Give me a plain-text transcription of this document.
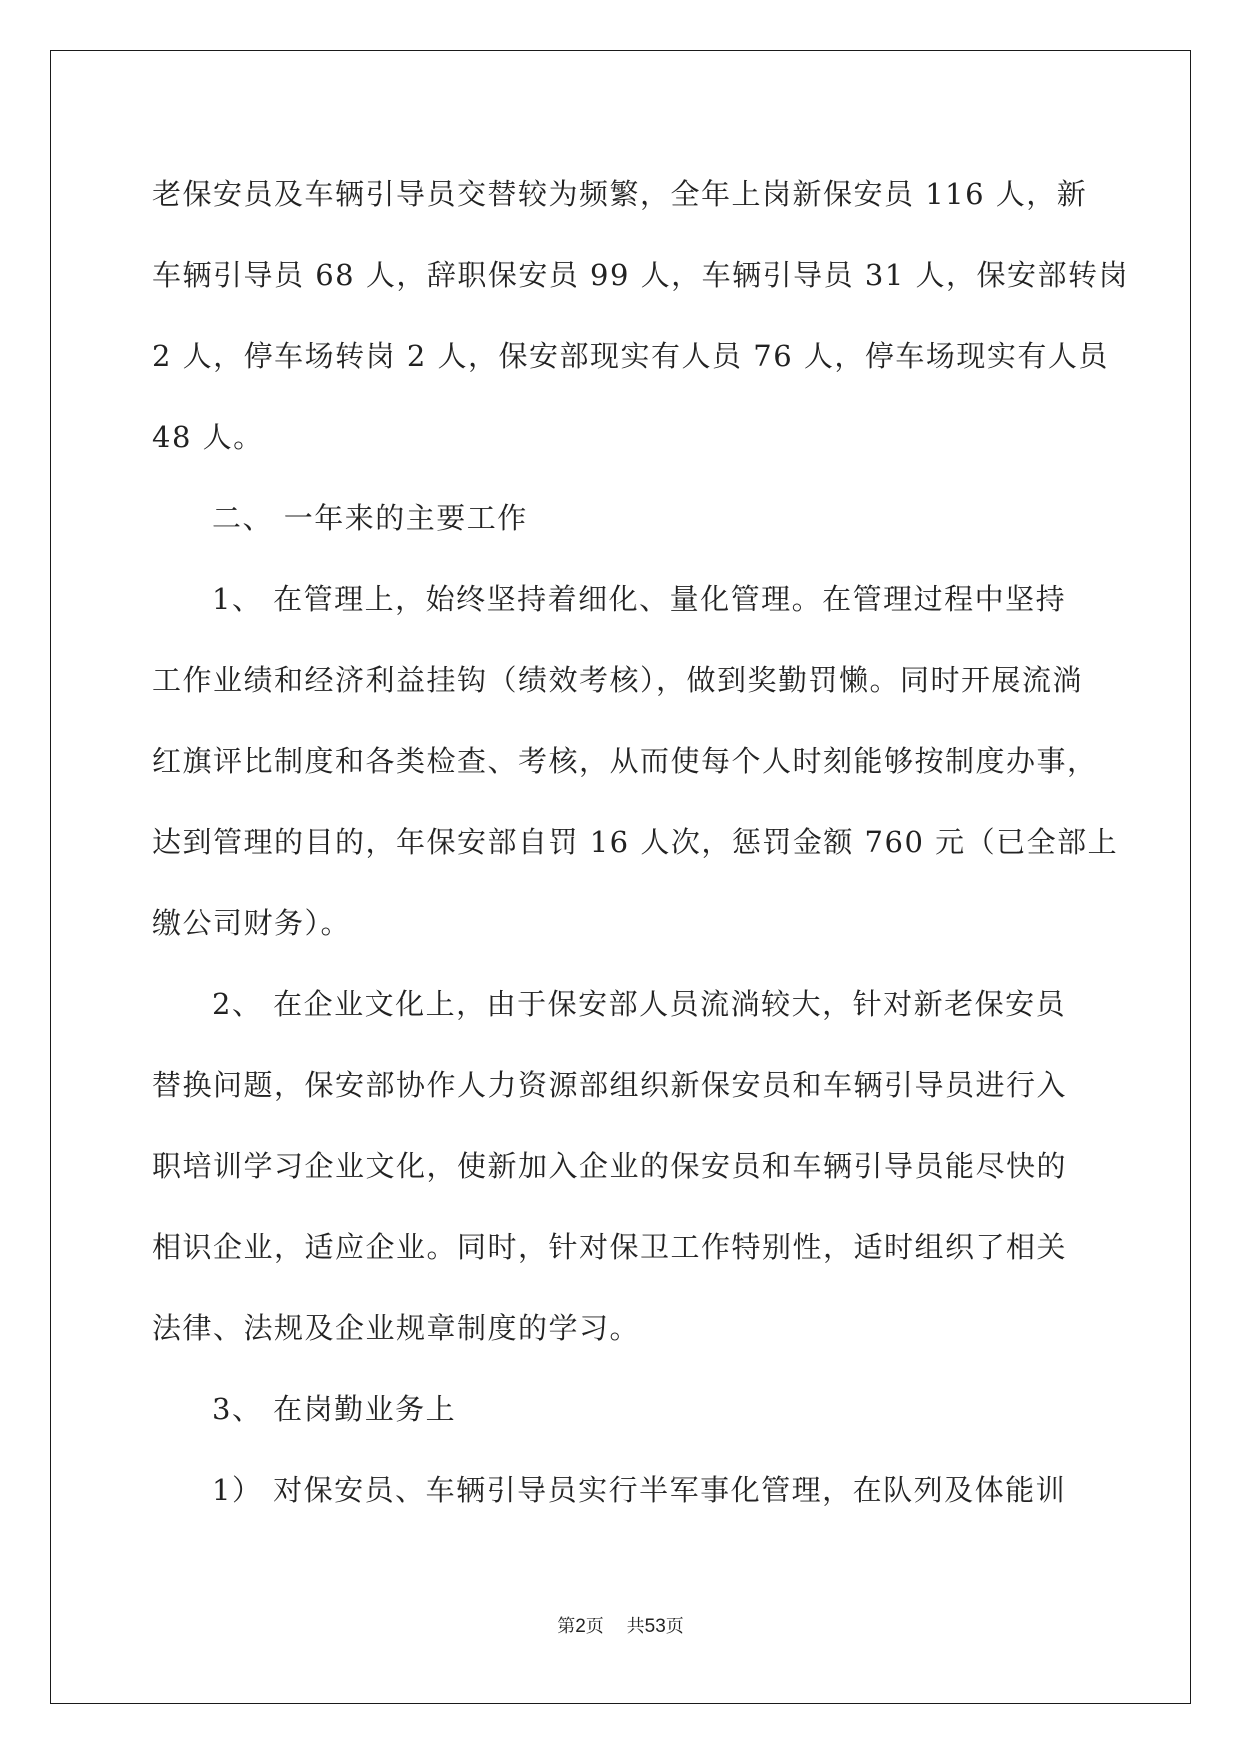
老保安员及车辆引导员交替较为频繁，全年上岗新保安员 116 人，新
车辆引导员 68 人，辞职保安员 99 人，车辆引导员 31 人，保安部转岗
2 人，停车场转岗 2 人，保安部现实有人员 76 人，停车场现实有人员
48 人。
二、 一年来的主要工作
1、 在管理上，始终坚持着细化、量化管理。在管理过程中坚持
工作业绩和经济利益挂钩（绩效考核），做到奖勤罚懒。同时开展流淌
红旗评比制度和各类检查、考核，从而使每个人时刻能够按制度办事，
达到管理的目的，年保安部自罚 16 人次，惩罚金额 760 元（已全部上
缴公司财务）。
2、 在企业文化上，由于保安部人员流淌较大，针对新老保安员
替换问题，保安部协作人力资源部组织新保安员和车辆引导员进行入
职培训学习企业文化，使新加入企业的保安员和车辆引导员能尽快的
相识企业，适应企业。同时，针对保卫工作特别性，适时组织了相关
法律、法规及企业规章制度的学习。
3、 在岗勤业务上
1） 对保安员、车辆引导员实行半军事化管理，在队列及体能训
第2页 共53页
